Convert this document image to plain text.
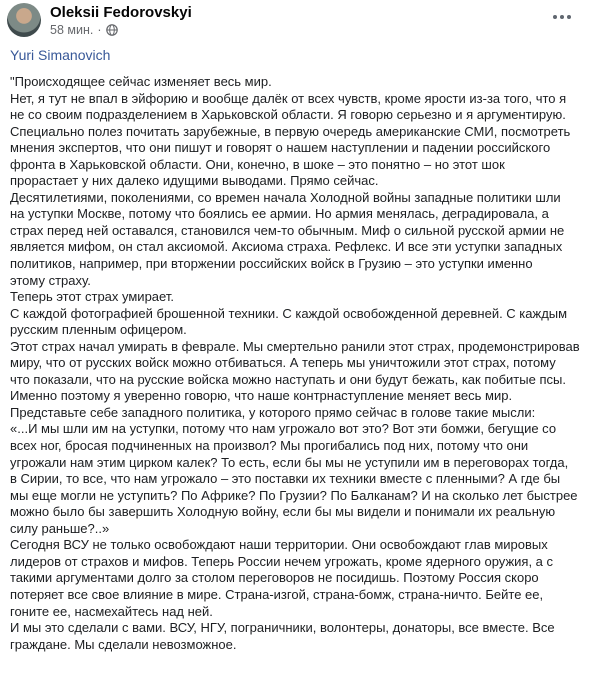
Oleksii Fedorovskyi
58 мин. ·
Yuri Simanovich

"Происходящее сейчас изменяет весь мир.

Нет, я тут не впал в эйфорию и вообще далёк от всех чувств, кроме ярости из-за того, что я
не со своим подразделением в Харьковской области. Я говорю серьезно и я аргументирую.

Специально полез почитать зарубежные, в первую очередь американские СМИ, посмотреть
мнения экспертов, что они пишут и говорят о нашем наступлении и падении российского
фронта в Харьковской области. Они, конечно, в шоке – это понятно – но этот шок
прорастает у них далеко идущими выводами. Прямо сейчас.

Десятилетиями, поколениями, со времен начала Холодной войны западные политики шли
на уступки Москве, потому что боялись ее армии. Но армия менялась, деградировала, а
страх перед ней оставался, становился чем-то обычным. Миф о сильной русской армии не
является мифом, он стал аксиомой. Аксиома страха. Рефлекс. И все эти уступки западных
политиков, например, при вторжении российских войск в Грузию – это уступки именно
этому страху.

Теперь этот страх умирает.

С каждой фотографией брошенной техники. С каждой освобожденной деревней. С каждым
русским пленным офицером.

Этот страх начал умирать в феврале. Мы смертельно ранили этот страх, продемонстрировав
миру, что от русских войск можно отбиваться. А теперь мы уничтожили этот страх, потому
что показали, что на русские войска можно наступать и они будут бежать, как побитые псы.

Именно поэтому я уверенно говорю, что наше контрнаступление меняет весь мир.

Представьте себе западного политика, у которого прямо сейчас в голове такие мысли:

«...И мы шли им на уступки, потому что нам угрожало вот это? Вот эти бомжи, бегущие со
всех ног, бросая подчиненных на произвол? Мы прогибались под них, потому что они
угрожали нам этим цирком калек? То есть, если бы мы не уступили им в переговорах тогда,
в Сирии, то все, что нам угрожало – это поставки их техники вместе с пленными? А где бы
мы еще могли не уступить? По Африке? По Грузии? По Балканам? И на сколько лет быстрее
можно было бы завершить Холодную войну, если бы мы видели и понимали их реальную
силу раньше?..»

Сегодня ВСУ не только освобождают наши территории. Они освобождают глав мировых
лидеров от страхов и мифов. Теперь России нечем угрожать, кроме ядерного оружия, а с
такими аргументами долго за столом переговоров не посидишь. Поэтому Россия скоро
потеряет все свое влияние в мире. Страна-изгой, страна-бомж, страна-ничто. Бейте ее,
гоните ее, насмехайтесь над ней.

И мы это сделали с вами. ВСУ, НГУ, пограничники, волонтеры, донаторы, все вместе. Все
граждане. Мы сделали невозможное.
